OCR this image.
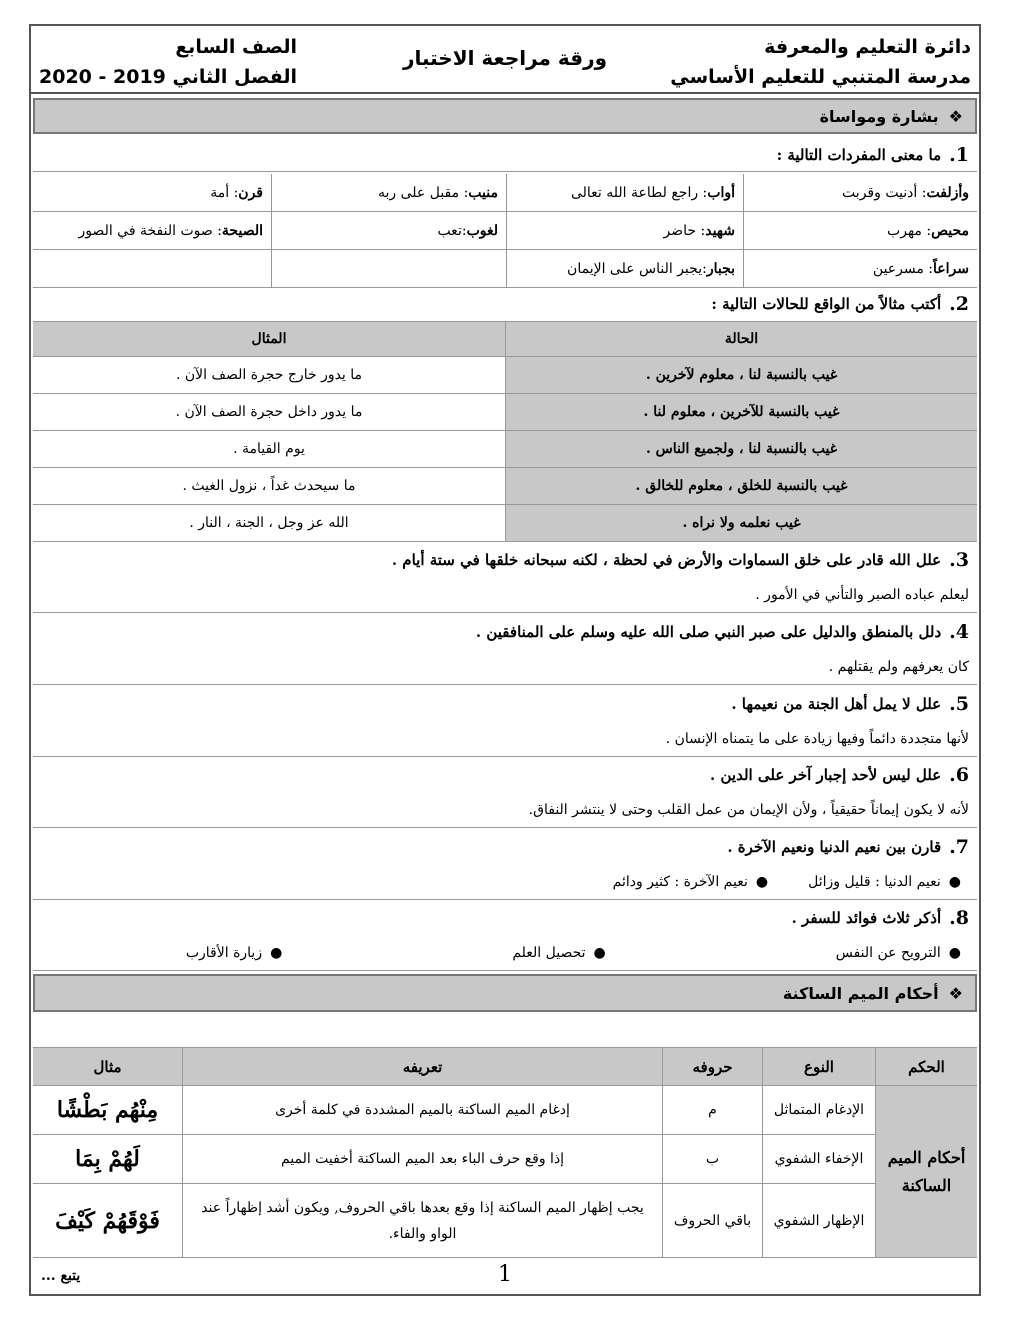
دائرة التعليم والمعرفة
مدرسة المتنبي للتعليم الأساسي
ورقة مراجعة الاختبار
الصف السابع
الفصل الثاني 2019 - 2020
❖
بشارة ومواساة
1.
ما معنى المفردات التالية :
وأزلفت
: أدنيت وقربت
أواب
: راجع لطاعة الله تعالى
منيب
: مقبل على ربه
قرن
: أمة
محيص
: مهرب
شهيد
: حاضر
لغوب
:تعب
الصيحة
: صوت النفخة في الصور
سراعاً
: مسرعين
بجبار
:يجبر الناس على الإيمان
2.
أكتب مثالاً من الواقع للحالات التالية :
الحالة
المثال
غيب بالنسبة لنا ، معلوم لآخرين .
ما يدور خارج حجرة الصف الآن .
غيب بالنسبة للآخرين ، معلوم لنا .
ما يدور داخل حجرة الصف الآن .
غيب بالنسبة لنا ، ولجميع الناس .
يوم القيامة .
غيب بالنسبة للخلق ، معلوم للخالق .
ما سيحدث غداً ، نزول الغيث .
غيب نعلمه ولا نراه .
الله عز وجل ، الجنة ، النار .
3.
علل الله قادر على خلق السماوات والأرض في لحظة ، لكنه سبحانه خلقها في ستة أيام .
ليعلم عباده الصبر والتأني في الأمور .
4.
دلل بالمنطق والدليل على صبر النبي صلى الله عليه وسلم على المنافقين .
كان يعرفهم ولم يقتلهم .
5.
علل لا يمل أهل الجنة من نعيمها .
لأنها متجددة دائماً وفيها زيادة على ما يتمناه الإنسان .
6.
علل ليس لأحد إجبار آخر على الدين .
لأنه لا يكون إيماناً حقيقياً ، ولأن الإيمان من عمل القلب وحتى لا ينتشر النفاق.
7.
قارن بين نعيم الدنيا ونعيم الآخرة .
●
نعيم الدنيا : قليل وزائل
●
نعيم الآخرة : كثير ودائم
8.
أذكر ثلاث فوائد للسفر .
●
الترويح عن النفس
●
تحصيل العلم
●
زيارة الأقارب
❖
أحكام الميم الساكنة
الحكم
النوع
حروفه
تعريفه
مثال
أحكام الميم الساكنة
الإدغام المتماثل
م
إدغام الميم الساكنة بالميم المشددة في كلمة أخرى
مِنْهُم بَطْشًا
الإخفاء الشفوي
ب
إذا وقع حرف الباء بعد الميم الساكنة أخفيت الميم
لَهُمْ بِمَا
الإظهار الشفوي
باقي الحروف
يجب إظهار الميم الساكنة إذا وقع بعدها باقي الحروف, ويكون أشد إظهاراً عند الواو والفاء.
فَوْقَهُمْ كَيْفَ
1
يتبع ...
